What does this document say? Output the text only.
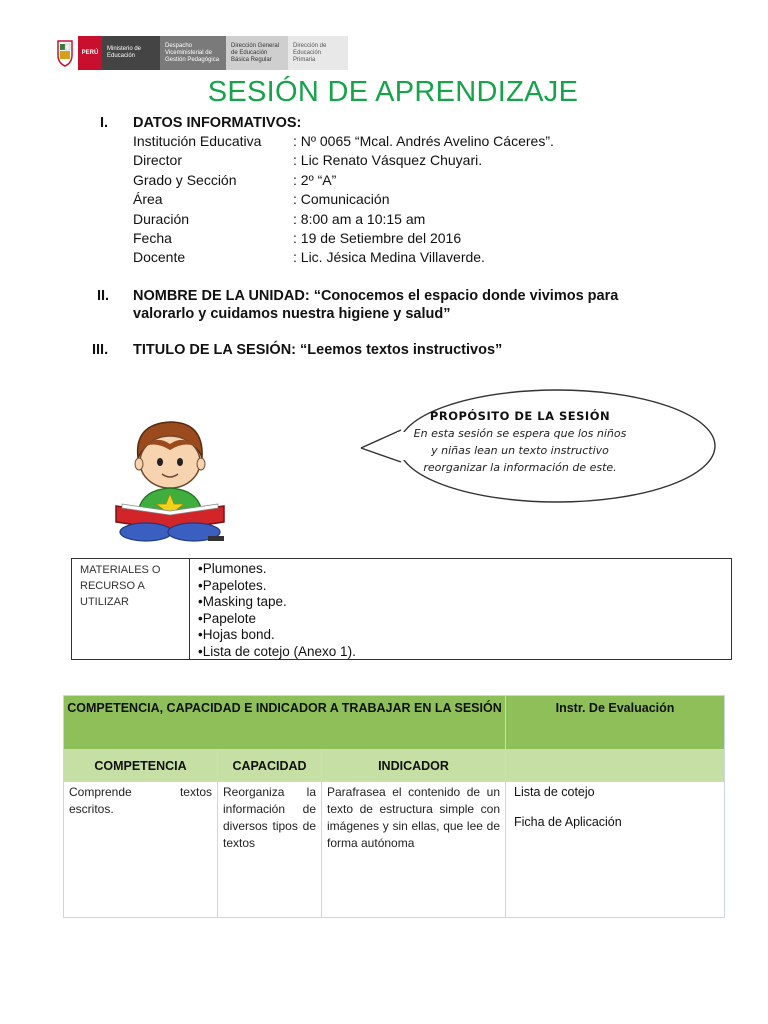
PERÚ
Ministerio de Educación
Despacho Viceministerial de Gestión Pedagógica
Dirección General de Educación Básica Regular
Dirección de Educación Primaria
SESIÓN DE APRENDIZAJE
I. DATOS INFORMATIVOS:
Institución Educativa	: Nº 0065 “Mcal. Andrés Avelino Cáceres”.
Director	: Lic Renato Vásquez Chuyari.
Grado y Sección	: 2º “A”
Área	: Comunicación
Duración	: 8:00 am a 10:15 am
Fecha	: 19 de Setiembre del 2016
Docente	: Lic. Jésica Medina Villaverde.
II. NOMBRE DE LA UNIDAD: “Conocemos el espacio donde vivimos para
valorarlo y cuidamos nuestra higiene y salud”
III. TITULO DE LA SESIÓN: “Leemos textos instructivos”
PROPÓSITO DE LA SESIÓN
En esta sesión se espera que los niños
y niñas lean un texto instructivo
reorganizar la información de este.
MATERIALES O RECURSO A UTILIZAR
•Plumones.
•Papelotes.
•Masking tape.
•Papelote
•Hojas bond.
•Lista de cotejo (Anexo 1).
COMPETENCIA, CAPACIDAD E INDICADOR A TRABAJAR EN LA SESIÓN			Instr. De Evaluación
COMPETENCIA	CAPACIDAD	INDICADOR	
Comprende textos escritos.	Reorganiza la información de diversos tipos de textos	Parafrasea el contenido de un texto de estructura simple con imágenes y sin ellas, que lee de forma autónoma	Lista de cotejo
Ficha de Aplicación
